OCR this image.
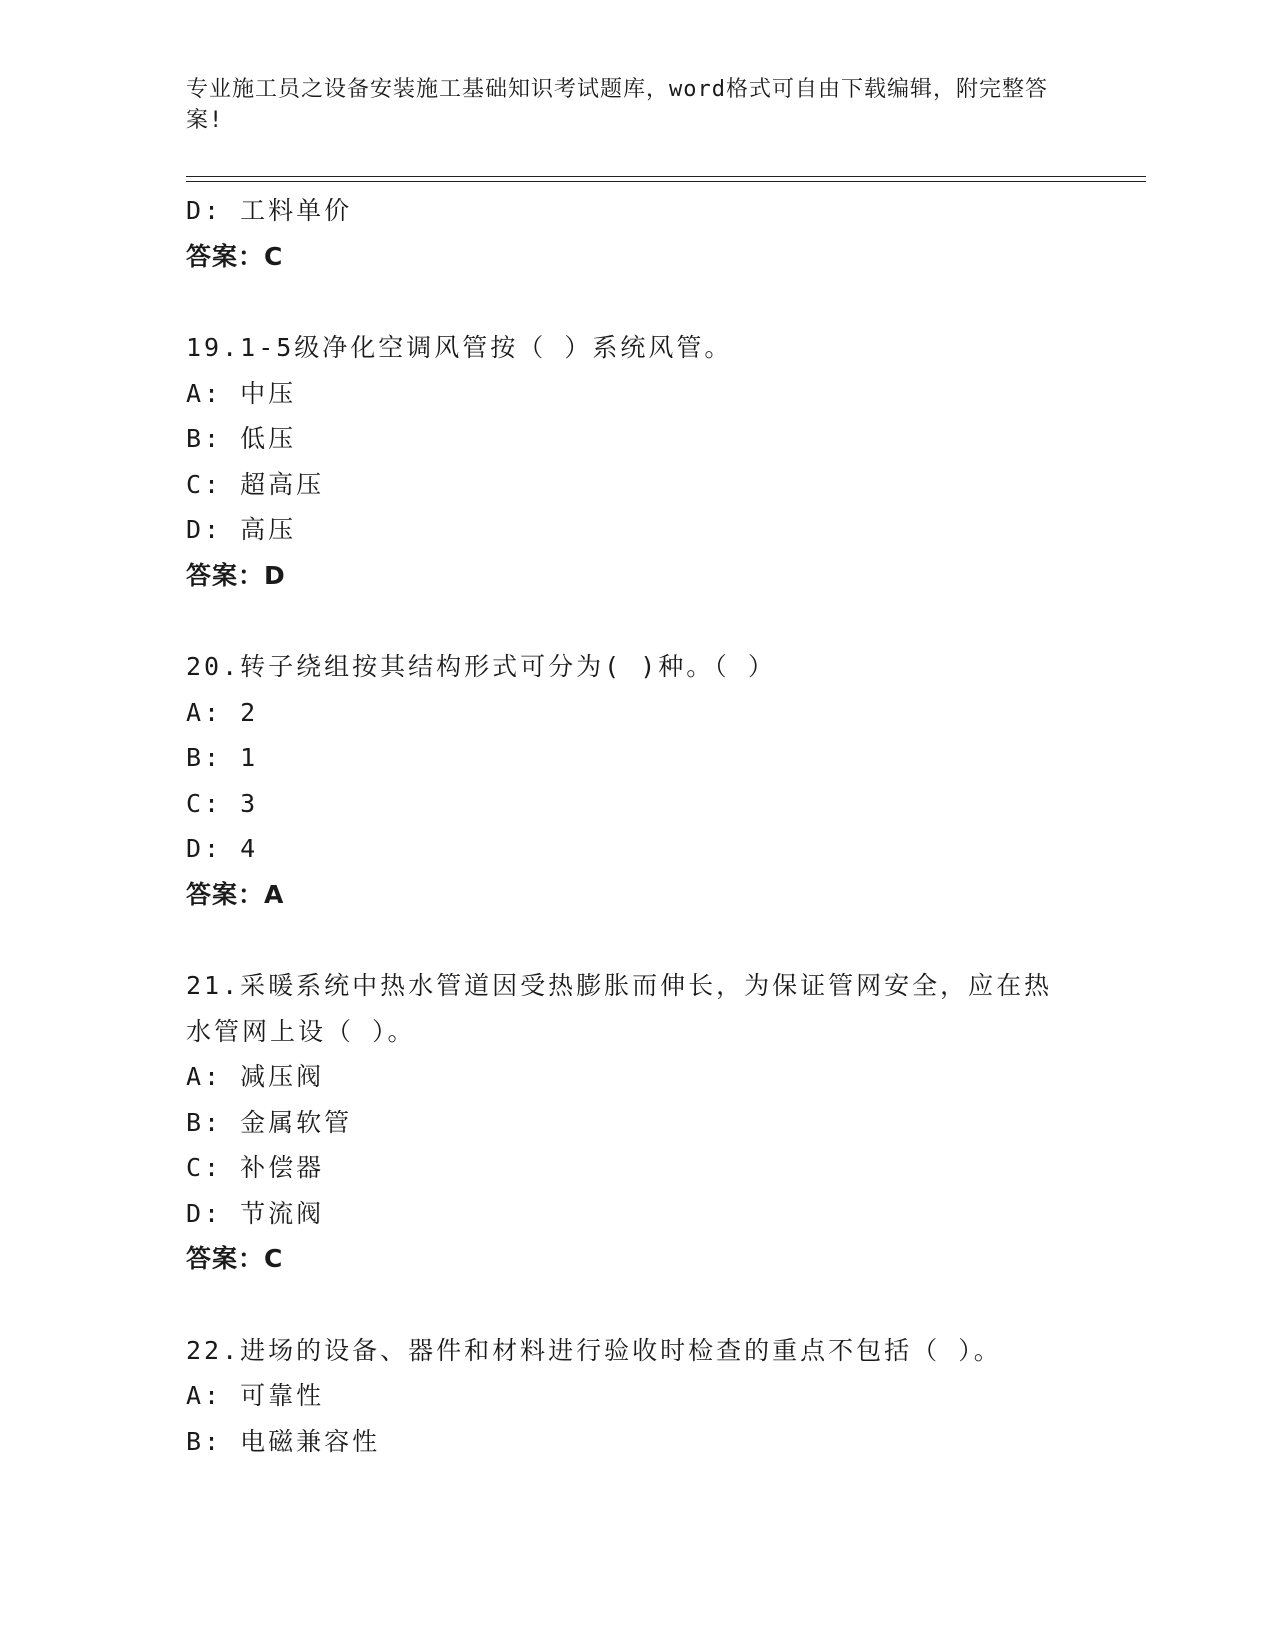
专业施工员之设备安装施工基础知识考试题库，word格式可自由下载编辑，附完整答案!
D: 工料单价
答案：C
19.1-5级净化空调风管按（ ）系统风管。
A: 中压
B: 低压
C: 超高压
D: 高压
答案：D
20.转子绕组按其结构形式可分为( )种。（ ）
A: 2
B: 1
C: 3
D: 4
答案：A
21.采暖系统中热水管道因受热膨胀而伸长，为保证管网安全，应在热水管网上设（ ）。
A: 减压阀
B: 金属软管
C: 补偿器
D: 节流阀
答案：C
22.进场的设备、器件和材料进行验收时检查的重点不包括（ ）。
A: 可靠性
B: 电磁兼容性
